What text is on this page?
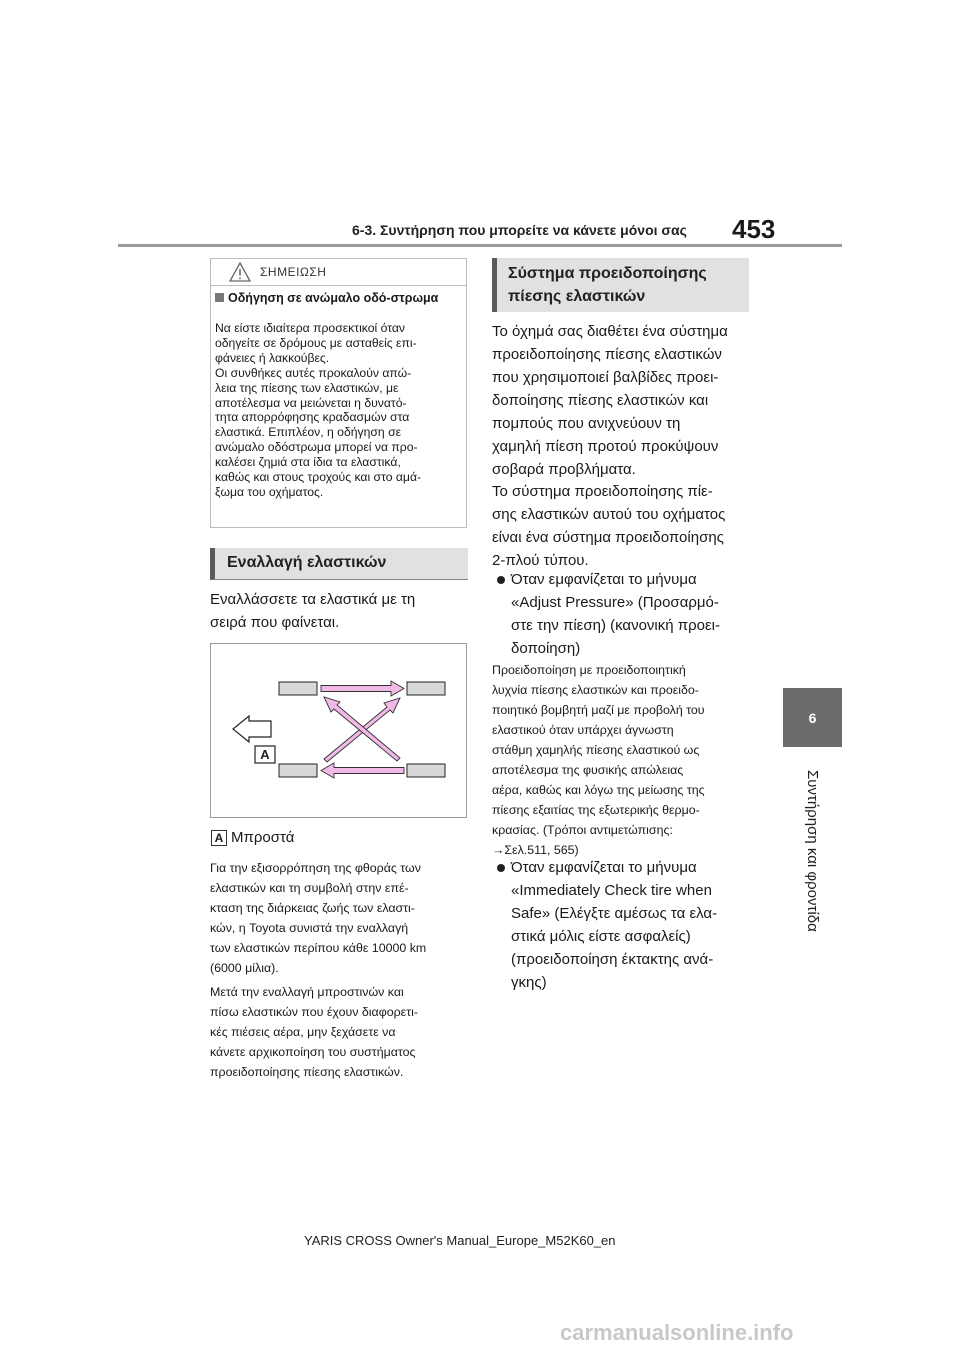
6-3. Συντήρηση που μπορείτε να κάνετε μόνοι σας 453
6
Συντήρηση και φροντίδα
ΣΗΜΕΙΩΣΗ
Οδήγηση σε ανώμαλο οδό-στρωμα
Να είστε ιδιαίτερα προσεκτικοί όταν
οδηγείτε σε δρόμους με ασταθείς επι-
φάνειες ή λακκούβες.
Οι συνθήκες αυτές προκαλούν απώ-
λεια της πίεσης των ελαστικών, με
αποτέλεσμα να μειώνεται η δυνατό-
τητα απορρόφησης κραδασμών στα
ελαστικά. Επιπλέον, η οδήγηση σε
ανώμαλο οδόστρωμα μπορεί να προ-
καλέσει ζημιά στα ίδια τα ελαστικά,
καθώς και στους τροχούς και στο αμά-
ξωμα του οχήματος.
Εναλλαγή ελαστικών
Εναλλάσσετε τα ελαστικά με τη
σειρά που φαίνεται.
A
A Μπροστά
Για την εξισορρόπηση της φθοράς των
ελαστικών και τη συμβολή στην επέ-
κταση της διάρκειας ζωής των ελαστι-
κών, η Toyota συνιστά την εναλλαγή
των ελαστικών περίπου κάθε 10000 km
(6000 μίλια).
Μετά την εναλλαγή μπροστινών και
πίσω ελαστικών που έχουν διαφορετι-
κές πιέσεις αέρα, μην ξεχάσετε να
κάνετε αρχικοποίηση του συστήματος
προειδοποίησης πίεσης ελαστικών.
Σύστημα προειδοποίησης
πίεσης ελαστικών
Το όχημά σας διαθέτει ένα σύστημα
προειδοποίησης πίεσης ελαστικών
που χρησιμοποιεί βαλβίδες προει-
δοποίησης πίεσης ελαστικών και
πομπούς που ανιχνεύουν τη
χαμηλή πίεση προτού προκύψουν
σοβαρά προβλήματα.
Το σύστημα προειδοποίησης πίε-
σης ελαστικών αυτού του οχήματος
είναι ένα σύστημα προειδοποίησης
2-πλού τύπου.
Όταν εμφανίζεται το μήνυμα
«Adjust Pressure» (Προσαρμό-
στε την πίεση) (κανονική προει-
δοποίηση)
Προειδοποίηση με προειδοποιητική
λυχνία πίεσης ελαστικών και προειδο-
ποιητικό βομβητή μαζί με προβολή του
ελαστικού όταν υπάρχει άγνωστη
στάθμη χαμηλής πίεσης ελαστικού ως
αποτέλεσμα της φυσικής απώλειας
αέρα, καθώς και λόγω της μείωσης της
πίεσης εξαιτίας της εξωτερικής θερμο-
κρασίας. (Τρόποι αντιμετώπισης:
→Σελ.511, 565)
Όταν εμφανίζεται το μήνυμα
«Immediately Check tire when
Safe» (Ελέγξτε αμέσως τα ελα-
στικά μόλις είστε ασφαλείς)
(προειδοποίηση έκτακτης ανά-
γκης)
YARIS CROSS Owner's Manual_Europe_M52K60_en
carmanualsonline.info
